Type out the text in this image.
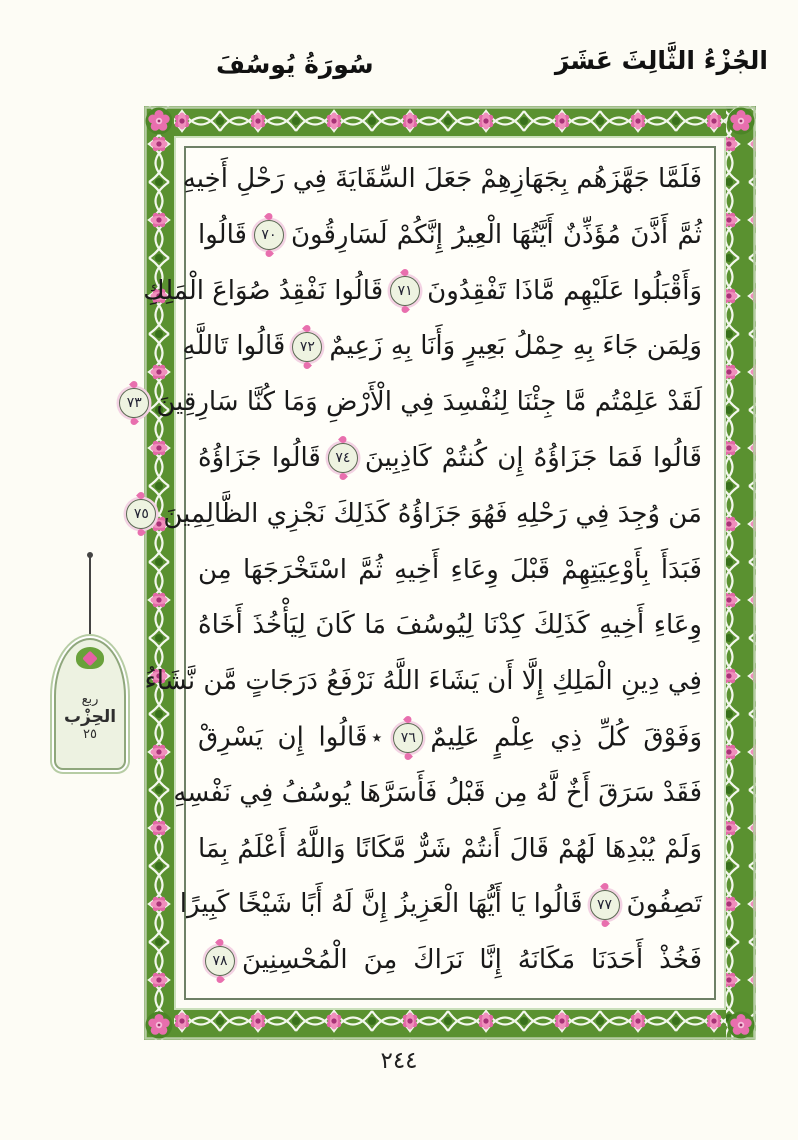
سُورَةُ يُوسُفَ	الجُزْءُ الثَّالِثَ عَشَرَ
فَلَمَّا جَهَّزَهُم بِجَهَازِهِمْ جَعَلَ السِّقَايَةَ فِي رَحْلِ أَخِيهِ
ثُمَّ أَذَّنَ مُؤَذِّنٌ أَيَّتُهَا الْعِيرُ إِنَّكُمْ لَسَارِقُونَ٧٠قَالُوا
وَأَقْبَلُوا عَلَيْهِم مَّاذَا تَفْقِدُونَ٧١قَالُوا نَفْقِدُ صُوَاعَ الْمَلِكِ
وَلِمَن جَاءَ بِهِ حِمْلُ بَعِيرٍ وَأَنَا بِهِ زَعِيمٌ٧٢قَالُوا تَاللَّهِ
لَقَدْ عَلِمْتُم مَّا جِئْنَا لِنُفْسِدَ فِي الْأَرْضِ وَمَا كُنَّا سَارِقِينَ٧٣
قَالُوا فَمَا جَزَاؤُهُ إِن كُنتُمْ كَاذِبِينَ٧٤قَالُوا جَزَاؤُهُ
مَن وُجِدَ فِي رَحْلِهِ فَهُوَ جَزَاؤُهُ كَذَلِكَ نَجْزِي الظَّالِمِينَ٧٥
فَبَدَأَ بِأَوْعِيَتِهِمْ قَبْلَ وِعَاءِ أَخِيهِ ثُمَّ اسْتَخْرَجَهَا مِن
وِعَاءِ أَخِيهِ كَذَلِكَ كِدْنَا لِيُوسُفَ مَا كَانَ لِيَأْخُذَ أَخَاهُ
فِي دِينِ الْمَلِكِ إِلَّا أَن يَشَاءَ اللَّهُ نَرْفَعُ دَرَجَاتٍ مَّن نَّشَاءُ
وَفَوْقَ كُلِّ ذِي عِلْمٍ عَلِيمٌ٧٦٭قَالُوا إِن يَسْرِقْ
فَقَدْ سَرَقَ أَخٌ لَّهُ مِن قَبْلُ فَأَسَرَّهَا يُوسُفُ فِي نَفْسِهِ
وَلَمْ يُبْدِهَا لَهُمْ قَالَ أَنتُمْ شَرٌّ مَّكَانًا وَاللَّهُ أَعْلَمُ بِمَا
تَصِفُونَ٧٧قَالُوا يَا أَيُّهَا الْعَزِيزُ إِنَّ لَهُ أَبًا شَيْخًا كَبِيرًا
فَخُذْ أَحَدَنَا مَكَانَهُ إِنَّا نَرَاكَ مِنَ الْمُحْسِنِينَ٧٨
ربع
الحِزْب
٢٥
٢٤٤
